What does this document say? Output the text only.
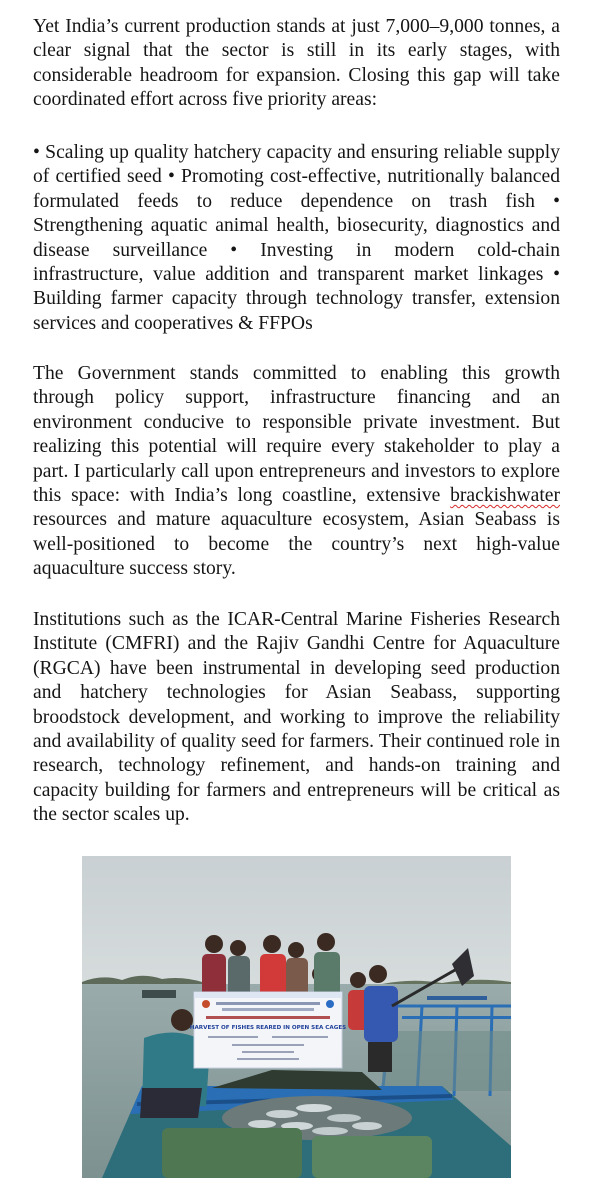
Yet India’s current production stands at just 7,000–9,000 tonnes, a clear signal that the sector is still in its early stages, with considerable headroom for expansion. Closing this gap will take coordinated effort across five priority areas:

• Scaling up quality hatchery capacity and ensuring reliable supply of certified seed • Promoting cost-effective, nutritionally balanced formulated feeds to reduce dependence on trash fish • Strengthening aquatic animal health, biosecurity, diagnostics and disease surveillance • Investing in modern cold-chain infrastructure, value addition and transparent market linkages • Building farmer capacity through technology transfer, extension services and cooperatives & FFPOs

The Government stands committed to enabling this growth through policy support, infrastructure financing and an environment conducive to responsible private investment. But realizing this potential will require every stakeholder to play a part. I particularly call upon entrepreneurs and investors to explore this space: with India’s long coastline, extensive brackishwater resources and mature aquaculture ecosystem, Asian Seabass is well-positioned to become the country’s next high-value aquaculture success story.

Institutions such as the ICAR-Central Marine Fisheries Research Institute (CMFRI) and the Rajiv Gandhi Centre for Aquaculture (RGCA) have been instrumental in developing seed production and hatchery technologies for Asian Seabass, supporting broodstock development, and working to improve the reliability and availability of quality seed for farmers. Their continued role in research, technology refinement, and hands-on training and capacity building for farmers and entrepreneurs will be critical as the sector scales up.

HARVEST OF FISHES REARED IN OPEN SEA CAGES
